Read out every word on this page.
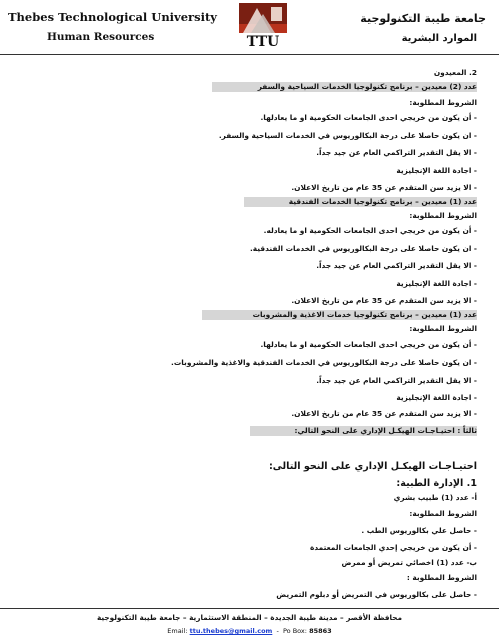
Thebes Technological University
Human Resources	TTU
جامعة طيبة التكنولوجية
الموارد البشرية
2. المعيدون
عدد (2) معيدين – برنامج تكنولوجيا الخدمات السياحية والسفر
الشروط المطلوبة:
- أن يكون من خريجي احدى الجامعات الحكومية او ما يعادلها.
- ان يكون حاصلا على درجة البكالوريوس في الخدمات السياحية والسفر.
- الا يقل التقدير التراكمي العام عن جيد جداً.
- اجادة اللغة الإنجليزية
- الا يزيد سن المتقدم عن 35 عام من تاريخ الاعلان.
عدد (1) معيدين – برنامج تكنولوجيا الخدمات الفندقية
الشروط المطلوبة:
- أن يكون من خريجي احدى الجامعات الحكومية او ما يعادله.
- ان يكون حاصلا على درجة البكالوريوس في الخدمات الفندقية.
- الا يقل التقدير التراكمي العام عن جيد جداً.
- اجادة اللغة الإنجليزية
- الا يزيد سن المتقدم عن 35 عام من تاريخ الاعلان.
عدد (1) معيدين – برنامج تكنولوجيا خدمات الاغذية والمشروبات
الشروط المطلوبة:
- أن يكون من خريجي احدى الجامعات الحكومية او ما يعادلها.
- ان يكون حاصلا على درجة البكالوريوس في الخدمات الفندقية والاغذية والمشروبات.
- الا يقل التقدير التراكمي العام عن جيد جداً.
- اجادة اللغة الإنجليزية
- الا يزيد سن المتقدم عن 35 عام من تاريخ الاعلان.
ثالثاً : احتيـاجـات الهيكـل الإداري على النحو التالي:
احتيـاجـات الهيكـل الإداري على النحو التالى:
1. الإدارة الطبية:
أ- عدد (1) طبيب بشري
الشروط المطلوبة:
- حاصل علي بكالوريوس الطب .
- أن يكون من خريجي إحدي الجامعات المعتمدة
ب- عدد (1) اخصائي تمريض أو ممرض
الشروط المطلوبة :
- حاصل على بكالوريوس في التمريض أو دبلوم التمريض
محافظة الأقصر – مدينة طيبة الجديدة – المنطقة الاستثمارية – جامعة طيبة التكنولوجية
Email: ttu.thebes@gmail.com - Po Box: 85863
